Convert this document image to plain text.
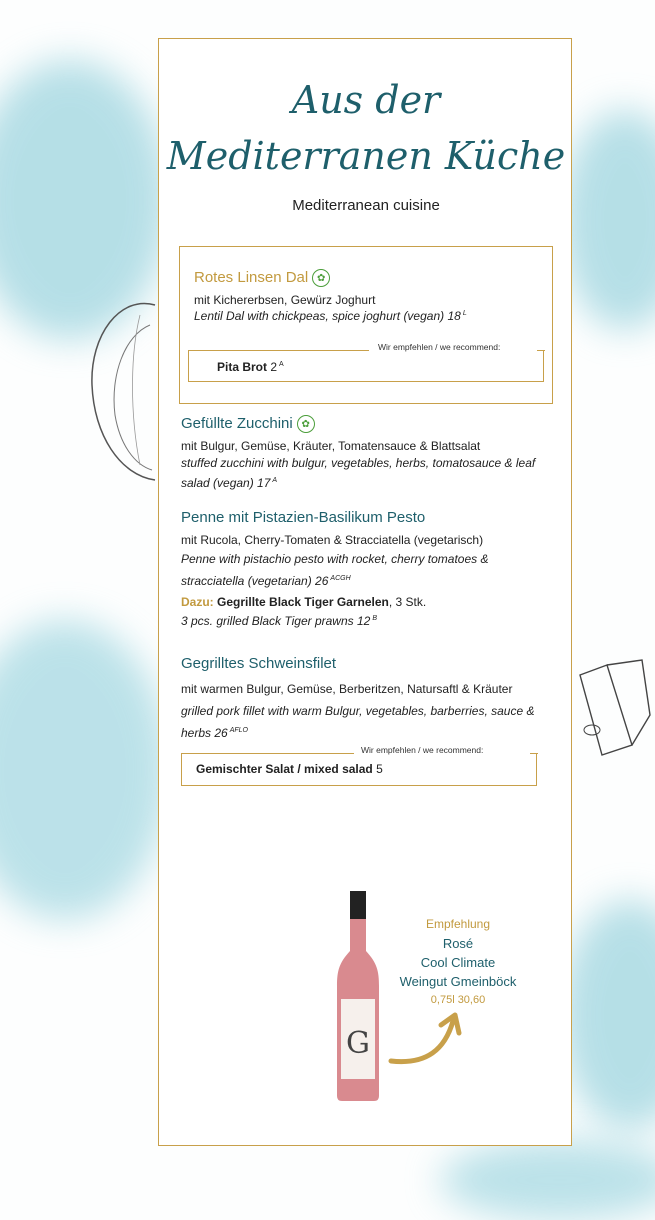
Aus der
Mediterranen Küche
Mediterranean cuisine
Rotes Linsen Dal ✿
mit Kichererbsen, Gewürz Joghurt
Lentil Dal with chickpeas, spice joghurt (vegan) 18 $^L$
Wir empfehlen / we recommend:
Pita Brot 2 $^A$
Gefüllte Zucchini ✿
mit Bulgur, Gemüse, Kräuter, Tomatensauce & Blattsalat
stuffed zucchini with bulgur, vegetables, herbs, tomatosauce & leaf salad (vegan) 17 $^A$
Penne mit Pistazien-Basilikum Pesto
mit Rucola, Cherry-Tomaten & Stracciatella (vegetarisch)
Penne with pistachio pesto with rocket, cherry tomatoes & stracciatella (vegetarian) 26 $^{ACGH}$
Dazu: Gegrillte Black Tiger Garnelen, 3 Stk.
3 pcs. grilled Black Tiger prawns 12 $^B$
Gegrilltes Schweinsfilet
mit warmen Bulgur, Gemüse, Berberitzen, Natursaftl & Kräuter
grilled pork fillet with warm Bulgur, vegetables, barberries, sauce & herbs 26 $^{AFLO}$
Wir empfehlen / we recommend:
Gemischter Salat / mixed salad 5
G
Empfehlung
Rosé
Cool Climate
Weingut Gmeinböck
0,75l 30,60
